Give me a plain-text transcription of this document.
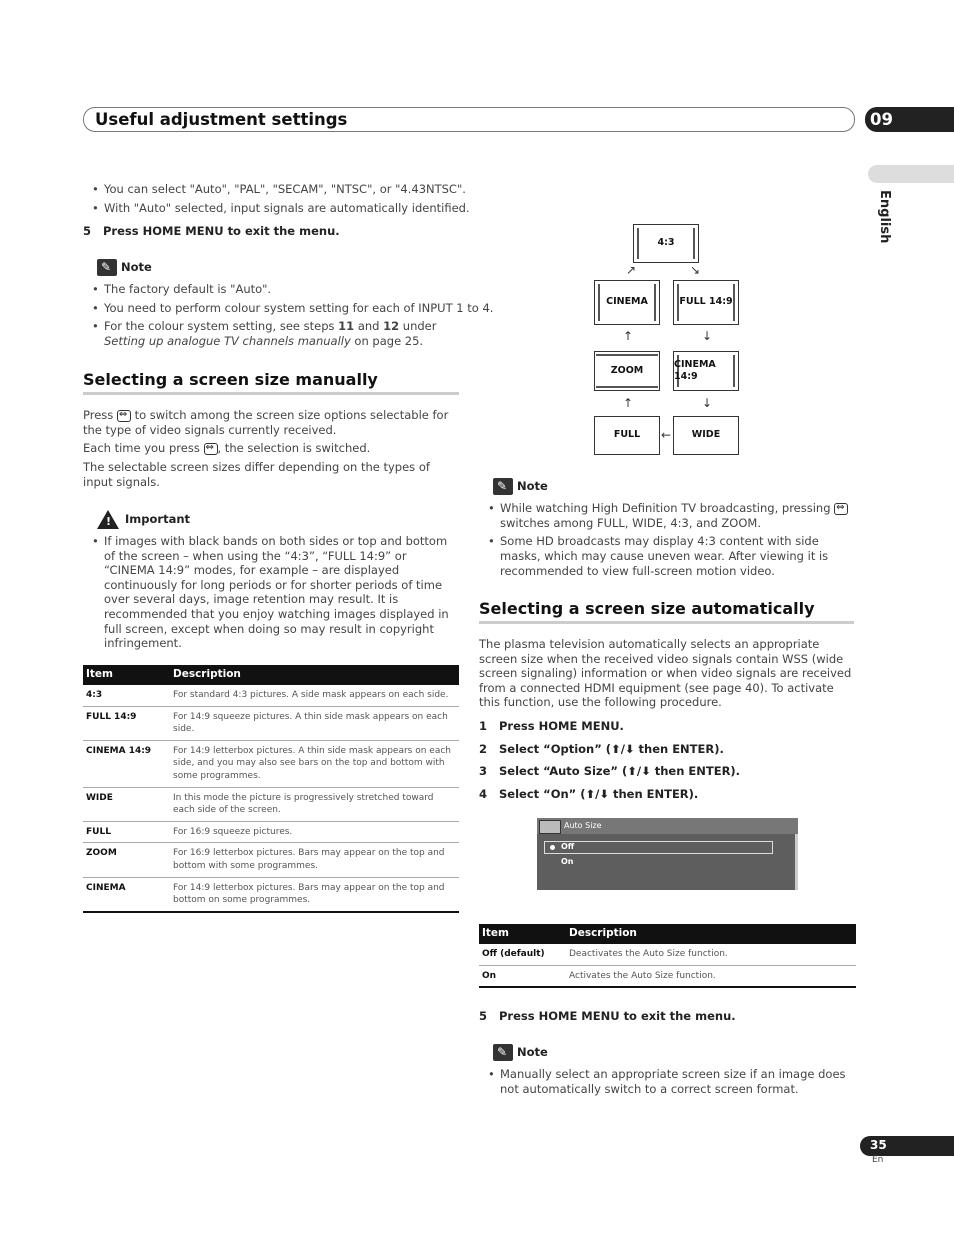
Useful adjustment settings	09
English
• You can select "Auto", "PAL", "SECAM", "NTSC", or "4.43NTSC".
• With "Auto" selected, input signals are automatically identified.
5 Press HOME MENU to exit the menu.
✎Note
• The factory default is "Auto".
• You need to perform colour system setting for each of INPUT 1 to 4.
• For the colour system setting, see steps 11 and 12 under Setting up analogue TV channels manually on page 25.
Selecting a screen size manually
Press ⇔ to switch among the screen size options selectable for the type of video signals currently received.
Each time you press ⇔, the selection is switched.
The selectable screen sizes differ depending on the types of input signals.
!Important
• If images with black bands on both sides or top and bottom of the screen – when using the “4:3”, “FULL 14:9” or “CINEMA 14:9” modes, for example – are displayed continuously for long periods or for shorter periods of time over several days, image retention may result. It is recommended that you enjoy watching images displayed in full screen, except when doing so may result in copyright infringement.
Item	Description
4:3	For standard 4:3 pictures. A side mask appears on each side.
FULL 14:9	For 14:9 squeeze pictures. A thin side mask appears on each side.
CINEMA 14:9	For 14:9 letterbox pictures. A thin side mask appears on each side, and you may also see bars on the top and bottom with some programmes.
WIDE	In this mode the picture is progressively stretched toward each side of the screen.
FULL	For 16:9 squeeze pictures.
ZOOM	For 16:9 letterbox pictures. Bars may appear on the top and bottom with some programmes.
CINEMA	For 14:9 letterbox pictures. Bars may appear on the top and bottom on some programmes.
4:3
↗	↘
CINEMA	FULL 14:9
↑	↓
ZOOM
CINEMA 14:9
↑	↓
FULL ← WIDE
✎Note
• While watching High Definition TV broadcasting, pressing ⇔ switches among FULL, WIDE, 4:3, and ZOOM.
• Some HD broadcasts may display 4:3 content with side masks, which may cause uneven wear. After viewing it is recommended to view full-screen motion video.
Selecting a screen size automatically
The plasma television automatically selects an appropriate screen size when the received video signals contain WSS (wide screen signaling) information or when video signals are received from a connected HDMI equipment (see page 40). To activate this function, use the following procedure.
1 Press HOME MENU.
2 Select “Option” (⬆/⬇ then ENTER).
3 Select “Auto Size” (⬆/⬇ then ENTER).
4 Select “On” (⬆/⬇ then ENTER).
Auto Size
Off
On
Item	Description
Off (default)	Deactivates the Auto Size function.
On	Activates the Auto Size function.
5 Press HOME MENU to exit the menu.
✎Note
• Manually select an appropriate screen size if an image does not automatically switch to a correct screen format.
35
En
